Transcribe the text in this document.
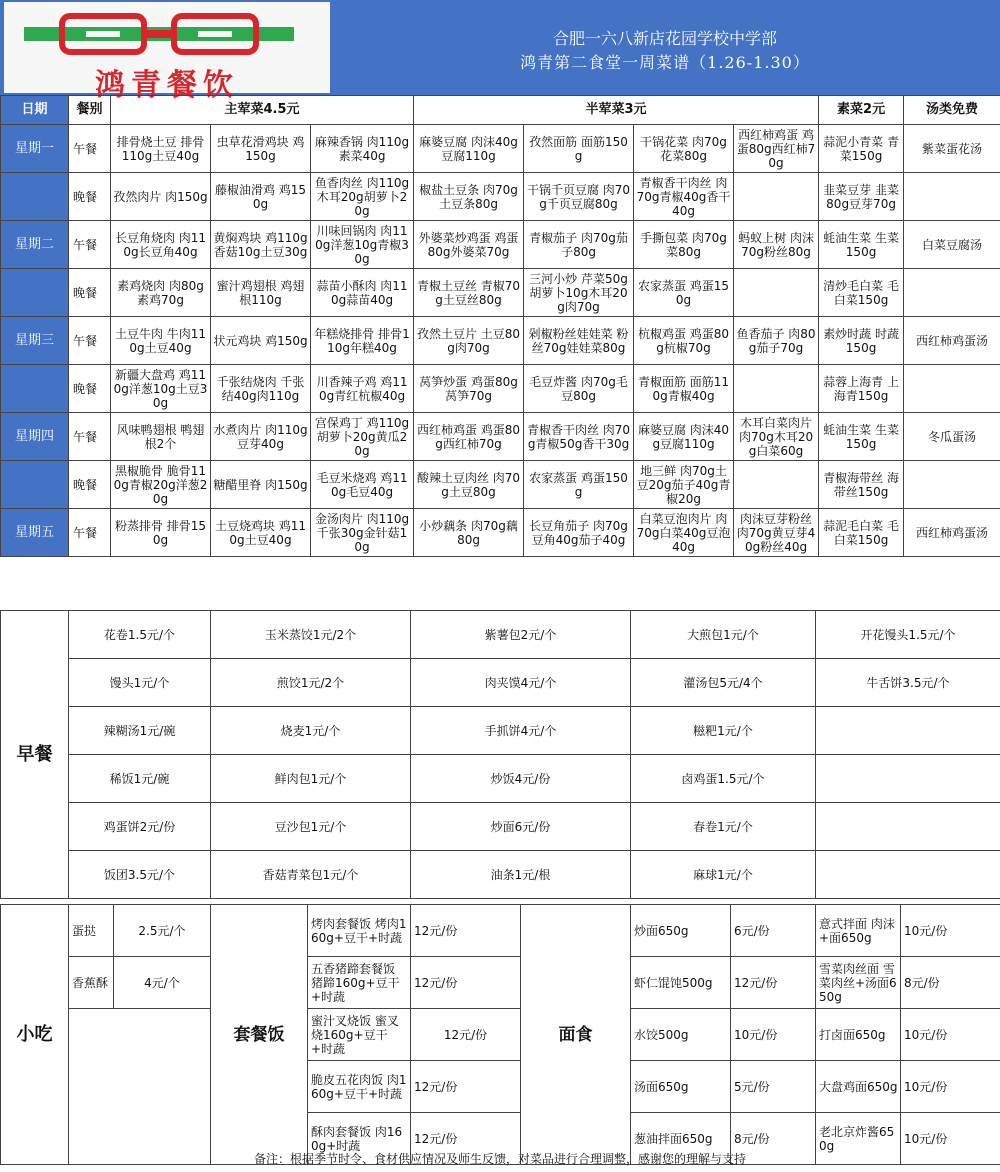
鸿青餐饮
合肥一六八新店花园学校中学部
鸿青第二食堂一周菜谱（1.26-1.30）
日期	餐别	主荤菜4.5元			半荤菜3元				素菜2元	汤类免费
星期一	午餐	排骨烧土豆 排骨110g土豆40g	虫草花滑鸡块 鸡150g	麻辣香锅 肉110g素菜40g	麻婆豆腐 肉沫40g豆腐110g	孜然面筋 面筋150g	干锅花菜 肉70g花菜80g	西红柿鸡蛋 鸡蛋80g西红柿70g	蒜泥小青菜 青菜150g	紫菜蛋花汤
	晚餐	孜然肉片 肉150g	藤椒油滑鸡 鸡150g	鱼香肉丝 肉110g木耳20g胡萝卜20g	椒盐土豆条 肉70g土豆条80g	干锅千页豆腐 肉70g千页豆腐80g	青椒香干肉丝 肉70g青椒40g香干40g		韭菜豆芽 韭菜80g豆芽70g	
星期二	午餐	长豆角烧肉 肉110g长豆角40g	黄焖鸡块 鸡110g香菇10g土豆30g	川味回锅肉 肉110g洋葱10g青椒30g	外婆菜炒鸡蛋 鸡蛋80g外婆菜70g	青椒茄子 肉70g茄子80g	手撕包菜 肉70g菜80g	蚂蚁上树 肉沫70g粉丝80g	蚝油生菜 生菜150g	白菜豆腐汤
	晚餐	素鸡烧肉 肉80g素鸡70g	蜜汁鸡翅根 鸡翅根110g	蒜苗小酥肉 肉110g蒜苗40g	青椒土豆丝 青椒70g土豆丝80g	三河小炒 芹菜50g胡萝卜10g木耳20g肉70g	农家蒸蛋 鸡蛋150g		清炒毛白菜 毛白菜150g	
星期三	午餐	土豆牛肉 牛肉110g土豆40g	状元鸡块 鸡150g	年糕烧排骨 排骨110g年糕40g	孜然土豆片 土豆80g肉70g	剁椒粉丝娃娃菜 粉丝70g娃娃菜80g	杭椒鸡蛋 鸡蛋80g杭椒70g	鱼香茄子 肉80g茄子70g	素炒时蔬 时蔬150g	西红柿鸡蛋汤
	晚餐	新疆大盘鸡 鸡110g洋葱10g土豆30g	千张结烧肉 千张结40g肉110g	川香辣子鸡 鸡110g青红杭椒40g	莴笋炒蛋 鸡蛋80g莴笋70g	毛豆炸酱 肉70g毛豆80g	青椒面筋 面筋110g青椒40g		蒜蓉上海青 上海青150g	
星期四	午餐	风味鸭翅根 鸭翅根2个	水煮肉片 肉110g豆芽40g	宫保鸡丁 鸡110g胡萝卜20g黄瓜20g	西红柿鸡蛋 鸡蛋80g西红柿70g	青椒香干肉丝 肉70g青椒50g香干30g	麻婆豆腐 肉沫40g豆腐110g	木耳白菜肉片 肉70g木耳20g白菜60g	蚝油生菜 生菜150g	冬瓜蛋汤
	晚餐	黑椒脆骨 脆骨110g青椒20g洋葱20g	糖醋里脊 肉150g	毛豆米烧鸡 鸡110g毛豆40g	酸辣土豆肉丝 肉70g土豆80g	农家蒸蛋 鸡蛋150g	地三鲜 肉70g土豆20g茄子40g青椒20g		青椒海带丝 海带丝150g	
星期五	午餐	粉蒸排骨 排骨150g	土豆烧鸡块 鸡110g土豆40g	金汤肉片 肉110g千张30g金针菇10g	小炒藕条 肉70g藕80g	长豆角茄子 肉70g豆角40g茄子40g	白菜豆泡肉片 肉70g白菜40g豆泡40g	肉沫豆芽粉丝 肉70g黄豆芽40g粉丝40g	蒜泥毛白菜 毛白菜150g	西红柿鸡蛋汤
早餐	花卷1.5元/个	玉米蒸饺1元/2个	紫薯包2元/个	大煎包1元/个	开花馒头1.5元/个
	馒头1元/个	煎饺1元/2个	肉夹馍4元/个	灌汤包5元/4个	牛舌饼3.5元/个
	辣糊汤1元/碗	烧麦1元/个	手抓饼4元/个	糍粑1元/个	
	稀饭1元/碗	鲜肉包1元/个	炒饭4元/份	卤鸡蛋1.5元/个	
	鸡蛋饼2元/份	豆沙包1元/个	炒面6元/份	春卷1元/个	
	饭团3.5元/个	香菇青菜包1元/个	油条1元/根	麻球1元/个	
小吃	蛋挞	2.5元/个	套餐饭	烤肉套餐饭 烤肉160g+豆干+时蔬	12元/份	面食	炒面650g	6元/份	意式拌面 肉沫+面650g	10元/份
	香蕉酥	4元/个		五香猪蹄套餐饭 猪蹄160g+豆干+时蔬	12元/份		虾仁馄饨500g	12元/份	雪菜肉丝面 雪菜肉丝+汤面650g	8元/份
				蜜汁叉烧饭 蜜叉烧160g+豆干+时蔬	12元/份		水饺500g	10元/份	打卤面650g	10元/份
				脆皮五花肉饭 肉160g+豆干+时蔬	12元/份		汤面650g	5元/份	大盘鸡面650g	10元/份
				酥肉套餐饭 肉160g+时蔬	12元/份		葱油拌面650g	8元/份	老北京炸酱650g	10元/份
备注：根据季节时令、食材供应情况及师生反馈，对菜品进行合理调整，感谢您的理解与支持
